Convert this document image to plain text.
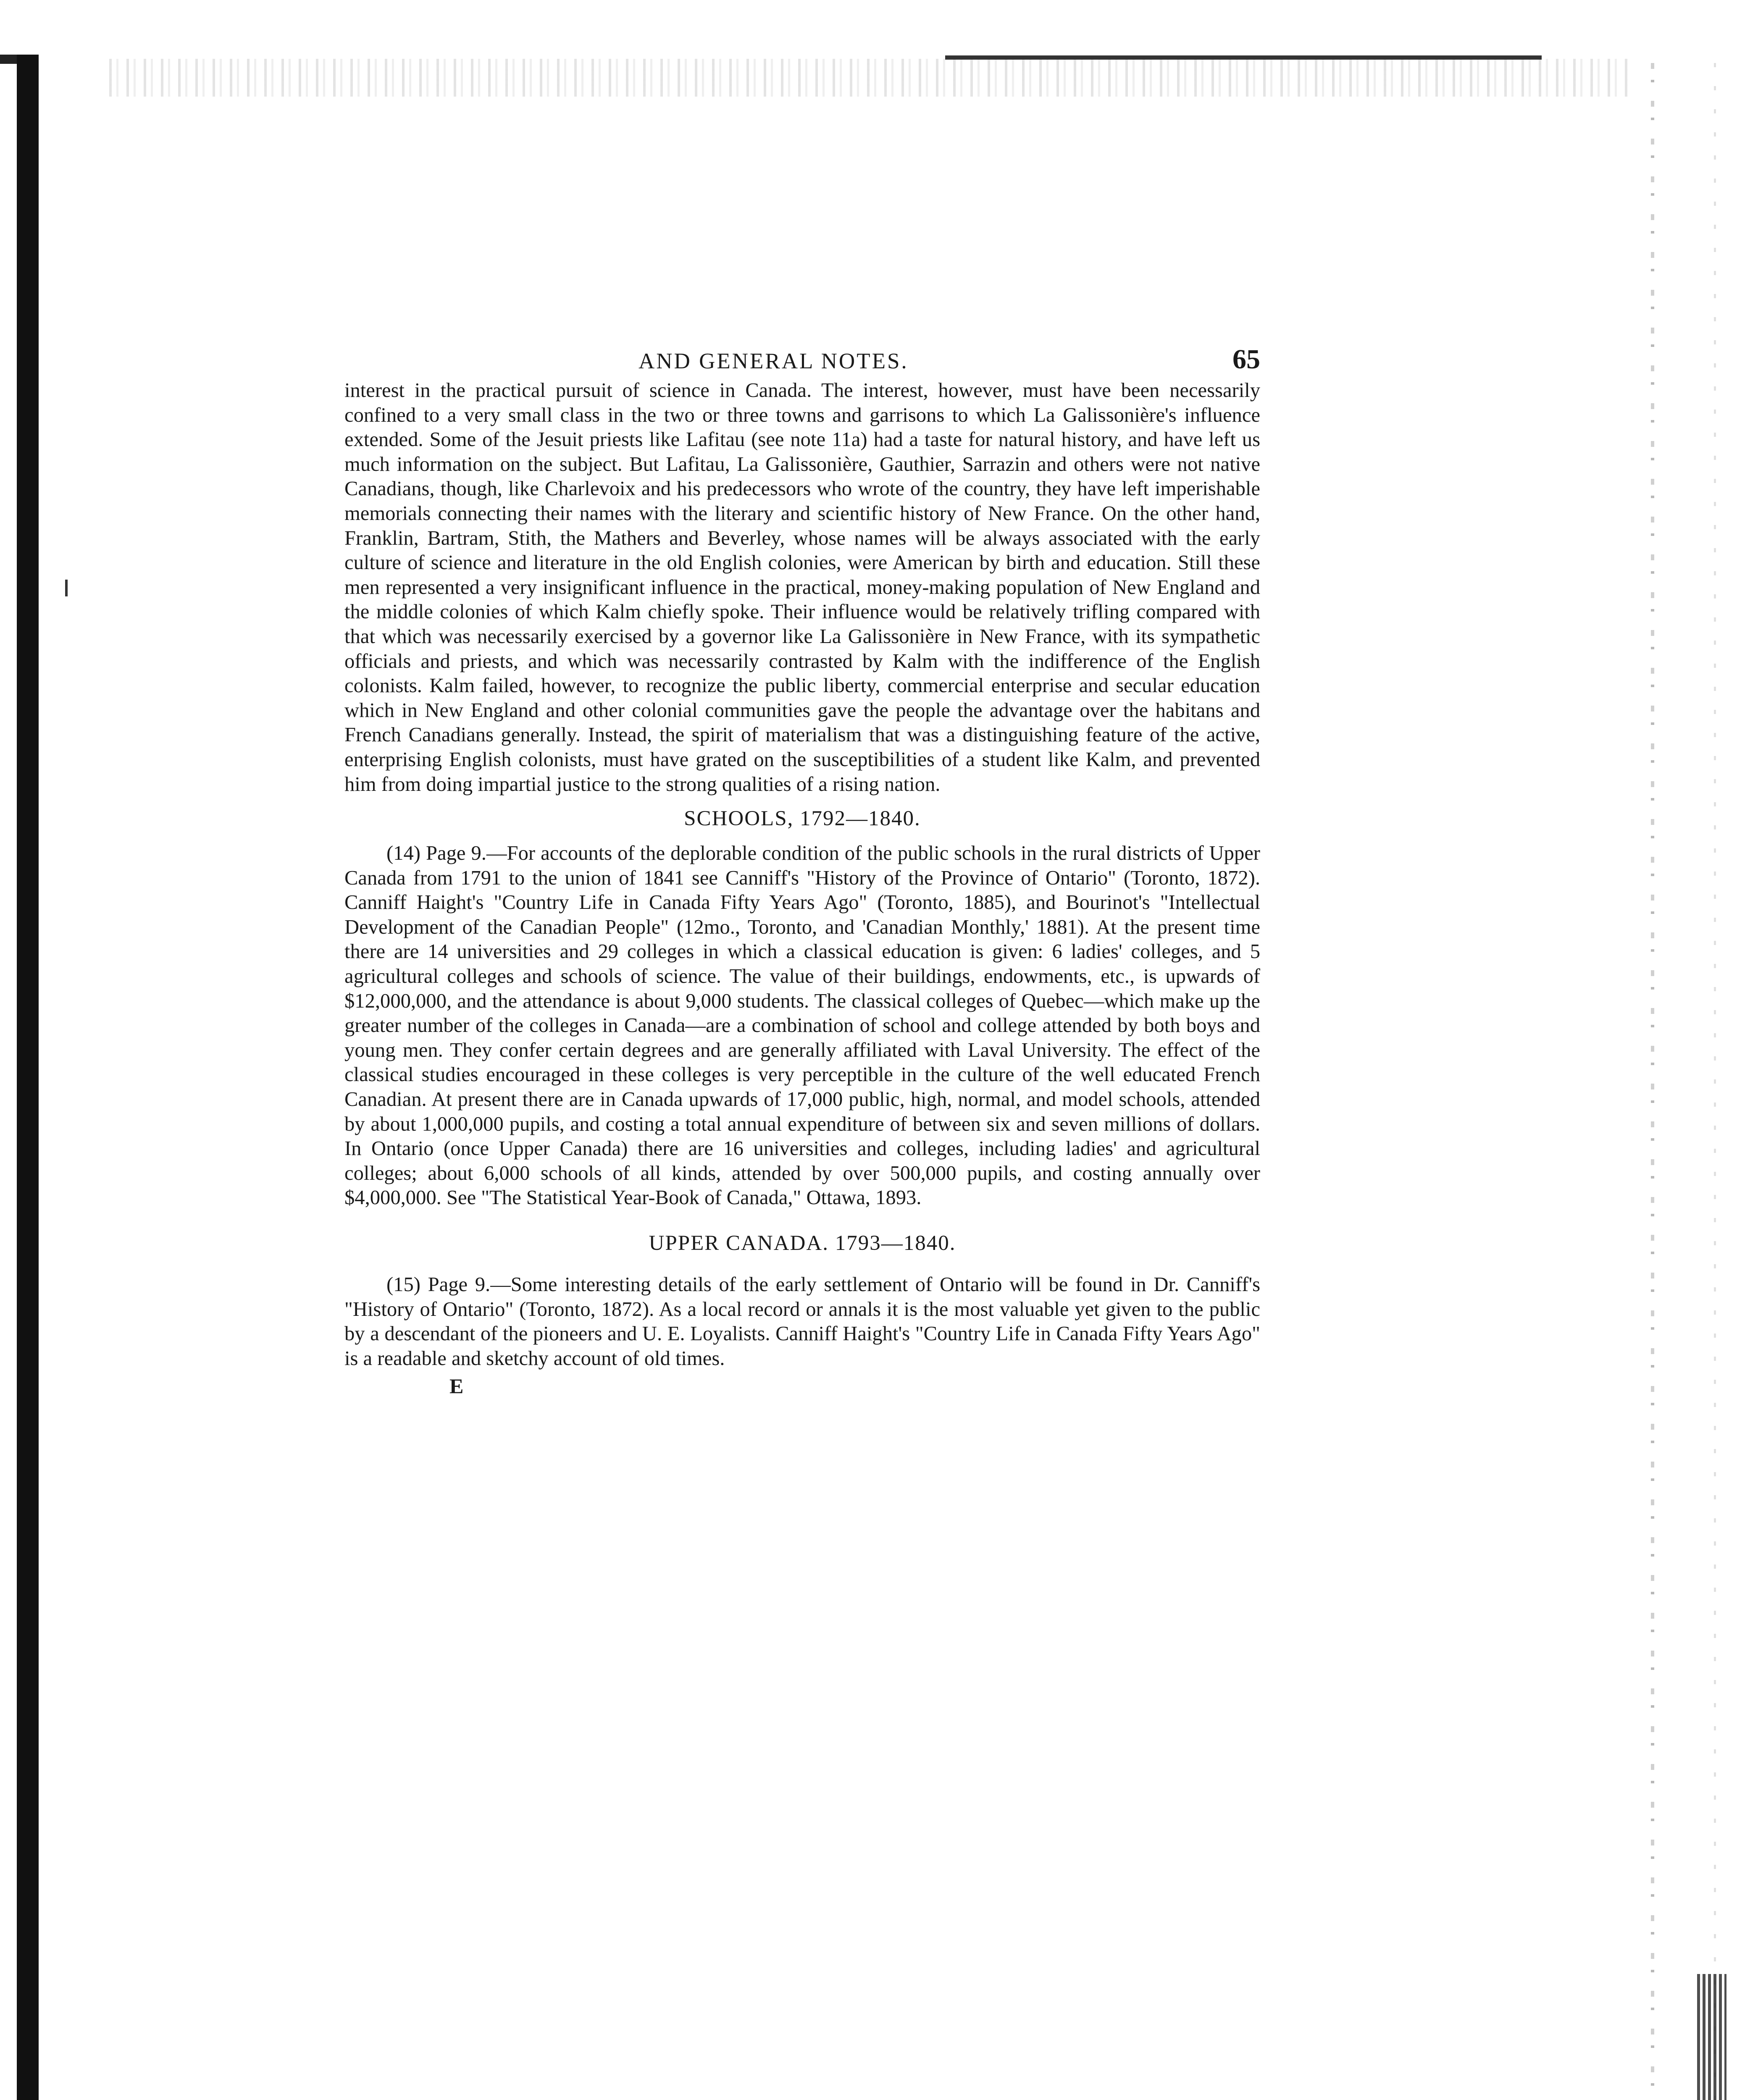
AND GENERAL NOTES.	65

interest in the practical pursuit of science in Canada. The interest, however, must have been necessarily confined to a very small class in the two or three towns and garrisons to which La Galissonière's influence extended. Some of the Jesuit priests like Lafitau (see note 11a) had a taste for natural history, and have left us much information on the subject. But Lafitau, La Galissonière, Gauthier, Sarrazin and others were not native Canadians, though, like Charlevoix and his predecessors who wrote of the country, they have left imperishable memorials connecting their names with the literary and scientific history of New France. On the other hand, Franklin, Bartram, Stith, the Mathers and Beverley, whose names will be always associated with the early culture of science and literature in the old English colonies, were American by birth and education. Still these men represented a very insignificant influence in the practical, money-making population of New England and the middle colonies of which Kalm chiefly spoke. Their influence would be relatively trifling compared with that which was necessarily exercised by a governor like La Galissonière in New France, with its sympathetic officials and priests, and which was necessarily contrasted by Kalm with the indifference of the English colonists. Kalm failed, however, to recognize the public liberty, commercial enterprise and secular education which in New England and other colonial communities gave the people the advantage over the habitans and French Canadians generally. Instead, the spirit of materialism that was a distinguishing feature of the active, enterprising English colonists, must have grated on the susceptibilities of a student like Kalm, and prevented him from doing impartial justice to the strong qualities of a rising nation.

SCHOOLS, 1792—1840.

(14) Page 9.—For accounts of the deplorable condition of the public schools in the rural districts of Upper Canada from 1791 to the union of 1841 see Canniff's "History of the Province of Ontario" (Toronto, 1872). Canniff Haight's "Country Life in Canada Fifty Years Ago" (Toronto, 1885), and Bourinot's "Intellectual Development of the Canadian People" (12mo., Toronto, and 'Canadian Monthly,' 1881). At the present time there are 14 universities and 29 colleges in which a classical education is given: 6 ladies' colleges, and 5 agricultural colleges and schools of science. The value of their buildings, endowments, etc., is upwards of $12,000,000, and the attendance is about 9,000 students. The classical colleges of Quebec—which make up the greater number of the colleges in Canada—are a combination of school and college attended by both boys and young men. They confer certain degrees and are generally affiliated with Laval University. The effect of the classical studies encouraged in these colleges is very perceptible in the culture of the well educated French Canadian. At present there are in Canada upwards of 17,000 public, high, normal, and model schools, attended by about 1,000,000 pupils, and costing a total annual expenditure of between six and seven millions of dollars. In Ontario (once Upper Canada) there are 16 universities and colleges, including ladies' and agricultural colleges; about 6,000 schools of all kinds, attended by over 500,000 pupils, and costing annually over $4,000,000. See "The Statistical Year-Book of Canada," Ottawa, 1893.

UPPER CANADA. 1793—1840.

(15) Page 9.—Some interesting details of the early settlement of Ontario will be found in Dr. Canniff's "History of Ontario" (Toronto, 1872). As a local record or annals it is the most valuable yet given to the public by a descendant of the pioneers and U. E. Loyalists. Canniff Haight's "Country Life in Canada Fifty Years Ago" is a readable and sketchy account of old times.

E
